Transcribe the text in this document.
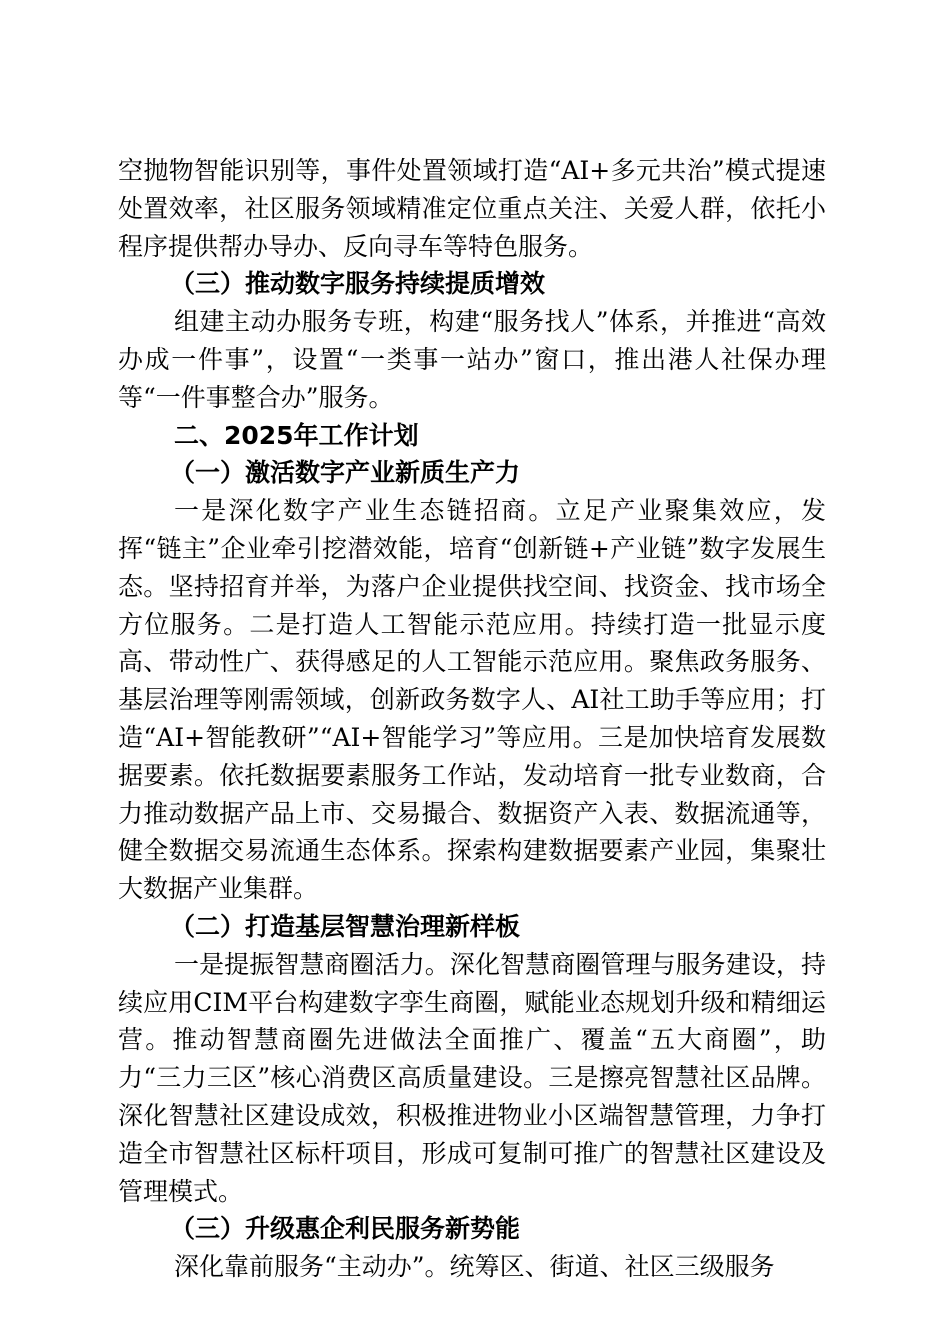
空抛物智能识别等，事件处置领域打造“AI+多元共治”模式提速处置效率，社区服务领域精准定位重点关注、关爱人群，依托小程序提供帮办导办、反向寻车等特色服务。

（三）推动数字服务持续提质增效

组建主动办服务专班，构建“服务找人”体系，并推进“高效办成一件事”，设置“一类事一站办”窗口，推出港人社保办理等“一件事整合办”服务。

二、2025年工作计划

（一）激活数字产业新质生产力

一是深化数字产业生态链招商。立足产业聚集效应，发挥“链主”企业牵引挖潜效能，培育“创新链+产业链”数字发展生态。坚持招育并举，为落户企业提供找空间、找资金、找市场全方位服务。二是打造人工智能示范应用。持续打造一批显示度高、带动性广、获得感足的人工智能示范应用。聚焦政务服务、基层治理等刚需领域，创新政务数字人、AI社工助手等应用；打造“AI+智能教研”“AI+智能学习”等应用。三是加快培育发展数据要素。依托数据要素服务工作站，发动培育一批专业数商，合力推动数据产品上市、交易撮合、数据资产入表、数据流通等，健全数据交易流通生态体系。探索构建数据要素产业园，集聚壮大数据产业集群。

（二）打造基层智慧治理新样板

一是提振智慧商圈活力。深化智慧商圈管理与服务建设，持续应用CIM平台构建数字孪生商圈，赋能业态规划升级和精细运营。推动智慧商圈先进做法全面推广、覆盖“五大商圈”，助力“三力三区”核心消费区高质量建设。三是擦亮智慧社区品牌。深化智慧社区建设成效，积极推进物业小区端智慧管理，力争打造全市智慧社区标杆项目，形成可复制可推广的智慧社区建设及管理模式。

（三）升级惠企利民服务新势能

深化靠前服务“主动办”。统筹区、街道、社区三级服务
